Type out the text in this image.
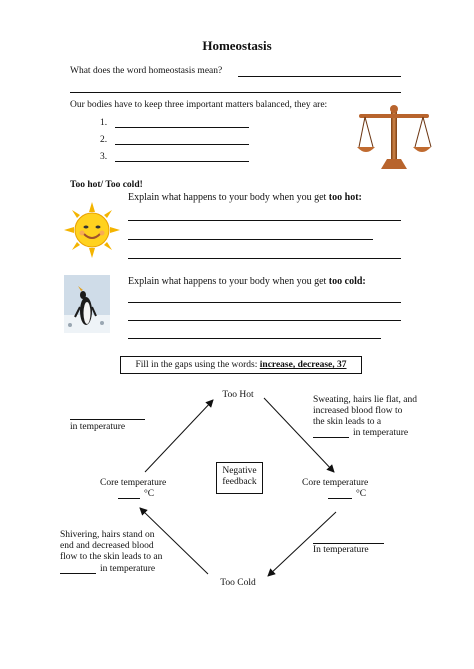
Homeostasis
What does the word homeostasis mean?
Our bodies have to keep three important matters balanced, they are:
1.
2.
3.
Too hot/ Too cold!
Explain what happens to your body when you get too hot:
Explain what happens to your body when you get too cold:
Fill in the gaps using the words: increase, decrease, 37
Too Hot
Too Cold
Negative
feedback
Core temperature
°C
Core temperature
°C
in temperature
Sweating, hairs lie flat, and
increased blood flow to
the skin leads to a
in temperature
In temperature
Shivering, hairs stand on
end and decreased blood
flow to the skin leads to an
in temperature
